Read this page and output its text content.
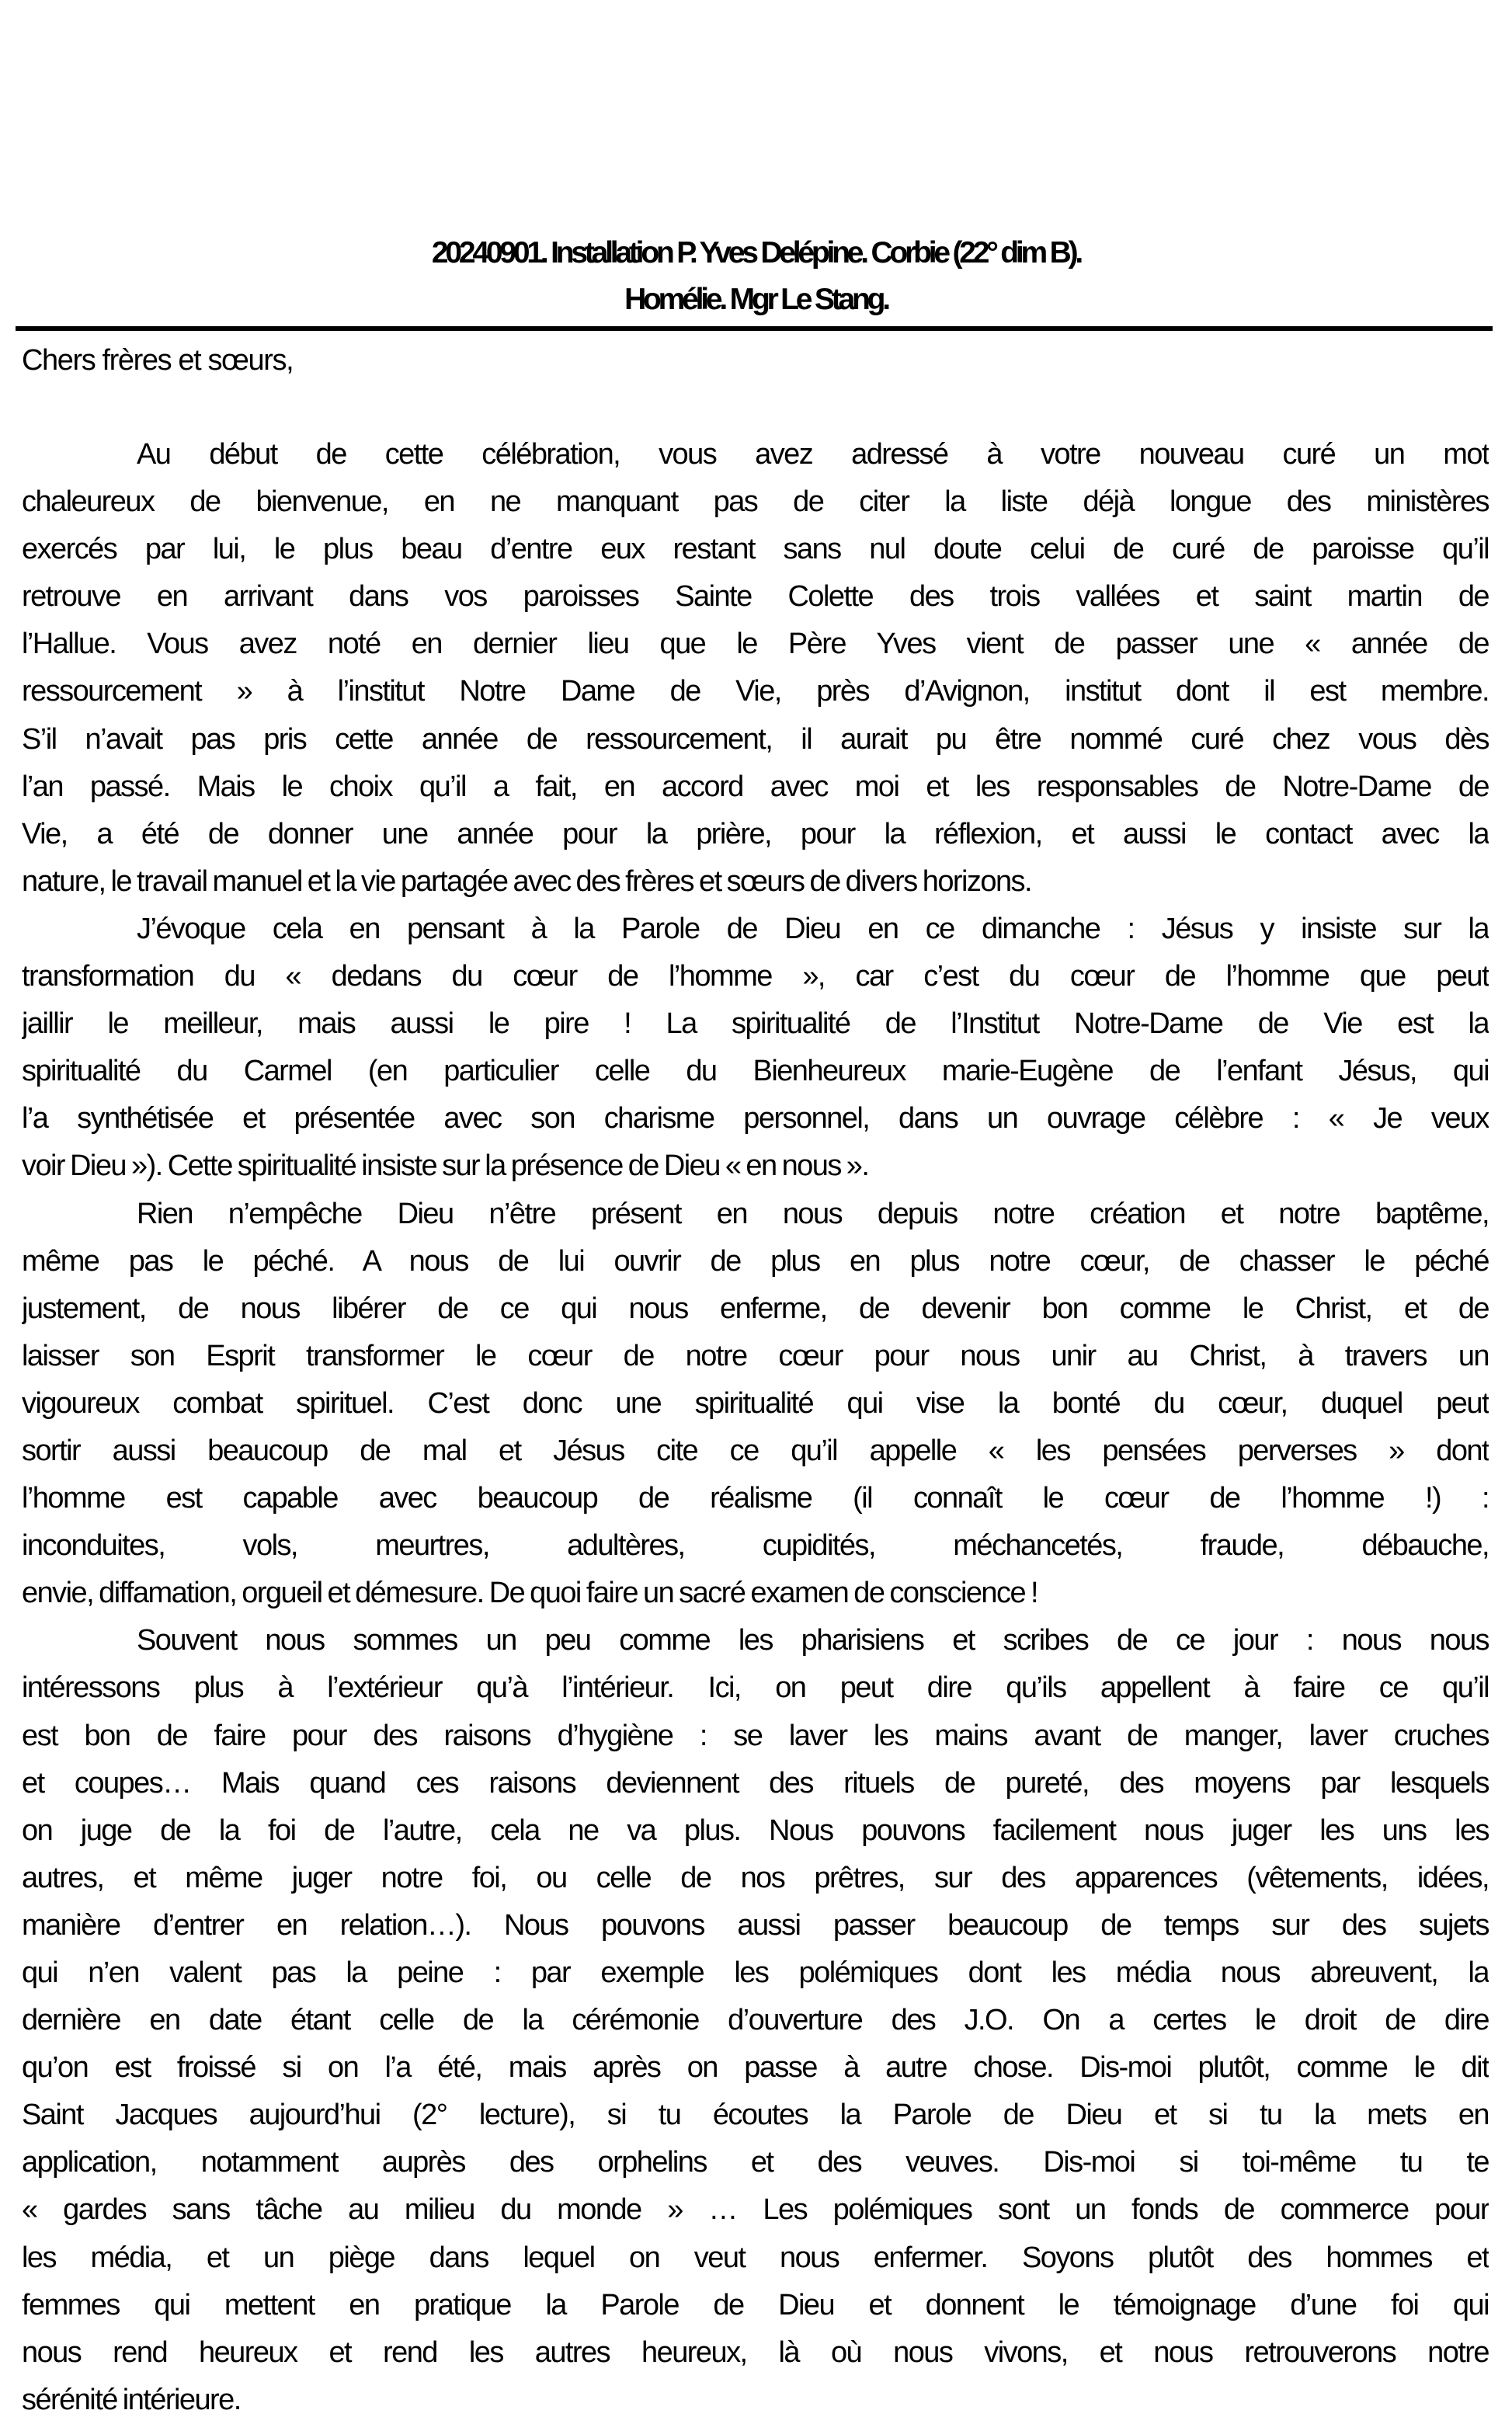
20240901. Installation P. Yves Delépine. Corbie (22° dim B).
Homélie. Mgr Le Stang.
Chers frères et sœurs,
Au début de cette célébration, vous avez adressé à votre nouveau curé un mot
chaleureux de bienvenue, en ne manquant pas de citer la liste déjà longue des ministères
exercés par lui, le plus beau d’entre eux restant sans nul doute celui de curé de paroisse qu’il
retrouve en arrivant dans vos paroisses Sainte Colette des trois vallées et saint martin de
l’Hallue. Vous avez noté en dernier lieu que le Père Yves vient de passer une « année de
ressourcement » à l’institut Notre Dame de Vie, près d’Avignon, institut dont il est membre.
S’il n’avait pas pris cette année de ressourcement, il aurait pu être nommé curé chez vous dès
l’an passé. Mais le choix qu’il a fait, en accord avec moi et les responsables de Notre-Dame de
Vie, a été de donner une année pour la prière, pour la réflexion, et aussi le contact avec la
nature, le travail manuel et la vie partagée avec des frères et sœurs de divers horizons.
J’évoque cela en pensant à la Parole de Dieu en ce dimanche : Jésus y insiste sur la
transformation du « dedans du cœur de l’homme », car c’est du cœur de l’homme que peut
jaillir le meilleur, mais aussi le pire ! La spiritualité de l’Institut Notre-Dame de Vie est la
spiritualité du Carmel (en particulier celle du Bienheureux marie-Eugène de l’enfant Jésus, qui
l’a synthétisée et présentée avec son charisme personnel, dans un ouvrage célèbre : « Je veux
voir Dieu »). Cette spiritualité insiste sur la présence de Dieu « en nous ».
Rien n’empêche Dieu n’être présent en nous depuis notre création et notre baptême,
même pas le péché. A nous de lui ouvrir de plus en plus notre cœur, de chasser le péché
justement, de nous libérer de ce qui nous enferme, de devenir bon comme le Christ, et de
laisser son Esprit transformer le cœur de notre cœur pour nous unir au Christ, à travers un
vigoureux combat spirituel. C’est donc une spiritualité qui vise la bonté du cœur, duquel peut
sortir aussi beaucoup de mal et Jésus cite ce qu’il appelle « les pensées perverses » dont
l’homme est capable avec beaucoup de réalisme (il connaît le cœur de l’homme !) :
inconduites, vols, meurtres, adultères, cupidités, méchancetés, fraude, débauche,
envie, diffamation, orgueil et démesure. De quoi faire un sacré examen de conscience !
Souvent nous sommes un peu comme les pharisiens et scribes de ce jour : nous nous
intéressons plus à l’extérieur qu’à l’intérieur. Ici, on peut dire qu’ils appellent à faire ce qu’il
est bon de faire pour des raisons d’hygiène : se laver les mains avant de manger, laver cruches
et coupes… Mais quand ces raisons deviennent des rituels de pureté, des moyens par lesquels
on juge de la foi de l’autre, cela ne va plus. Nous pouvons facilement nous juger les uns les
autres, et même juger notre foi, ou celle de nos prêtres, sur des apparences (vêtements, idées,
manière d’entrer en relation…). Nous pouvons aussi passer beaucoup de temps sur des sujets
qui n’en valent pas la peine : par exemple les polémiques dont les média nous abreuvent, la
dernière en date étant celle de la cérémonie d’ouverture des J.O. On a certes le droit de dire
qu’on est froissé si on l’a été, mais après on passe à autre chose. Dis-moi plutôt, comme le dit
Saint Jacques aujourd’hui (2° lecture), si tu écoutes la Parole de Dieu et si tu la mets en
application, notamment auprès des orphelins et des veuves. Dis-moi si toi-même tu te
« gardes sans tâche au milieu du monde » … Les polémiques sont un fonds de commerce pour
les média, et un piège dans lequel on veut nous enfermer. Soyons plutôt des hommes et
femmes qui mettent en pratique la Parole de Dieu et donnent le témoignage d’une foi qui
nous rend heureux et rend les autres heureux, là où nous vivons, et nous retrouverons notre
sérénité intérieure.
